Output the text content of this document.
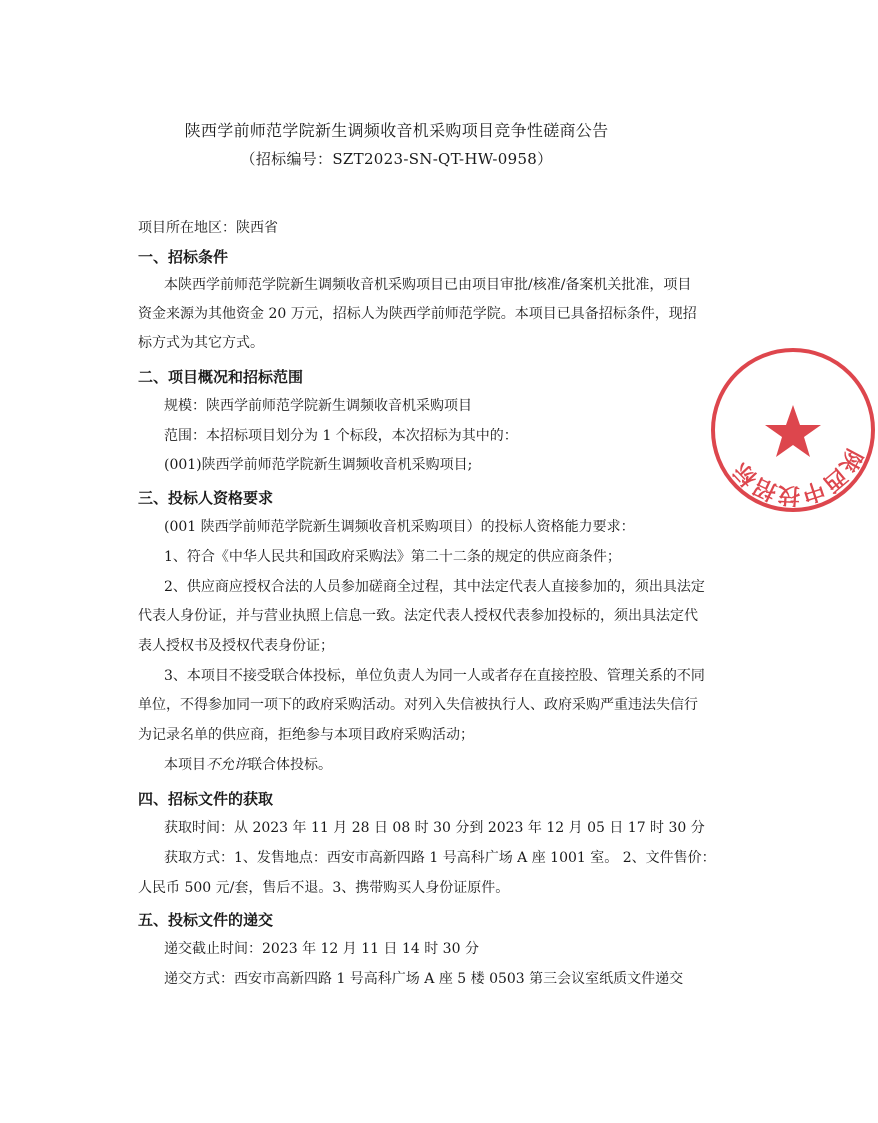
陕西学前师范学院新生调频收音机采购项目竞争性磋商公告
（招标编号：SZT2023-SN-QT-HW-0958）
项目所在地区：陕西省
一、招标条件
本陕西学前师范学院新生调频收音机采购项目已由项目审批/核准/备案机关批准，项目
资金来源为其他资金 20 万元，招标人为陕西学前师范学院。本项目已具备招标条件，现招
标方式为其它方式。
二、项目概况和招标范围
规模：陕西学前师范学院新生调频收音机采购项目
范围：本招标项目划分为 1 个标段，本次招标为其中的：
(001)陕西学前师范学院新生调频收音机采购项目;
三、投标人资格要求
(001 陕西学前师范学院新生调频收音机采购项目）的投标人资格能力要求：
1、符合《中华人民共和国政府采购法》第二十二条的规定的供应商条件；
2、供应商应授权合法的人员参加磋商全过程，其中法定代表人直接参加的，须出具法定
代表人身份证，并与营业执照上信息一致。法定代表人授权代表参加投标的，须出具法定代
表人授权书及授权代表身份证；
3、本项目不接受联合体投标，单位负责人为同一人或者存在直接控股、管理关系的不同
单位，不得参加同一项下的政府采购活动。对列入失信被执行人、政府采购严重违法失信行
为记录名单的供应商，拒绝参与本项目政府采购活动；
本项目不允许联合体投标。
四、招标文件的获取
获取时间：从 2023 年 11 月 28 日 08 时 30 分到 2023 年 12 月 05 日 17 时 30 分
获取方式：1、发售地点：西安市高新四路 1 号高科广场 A 座 1001 室。 2、文件售价：
人民币 500 元/套，售后不退。3、携带购买人身份证原件。
五、投标文件的递交
递交截止时间：2023 年 12 月 11 日 14 时 30 分
递交方式：西安市高新四路 1 号高科广场 A 座 5 楼 0503 第三会议室纸质文件递交
陕西中技招标
